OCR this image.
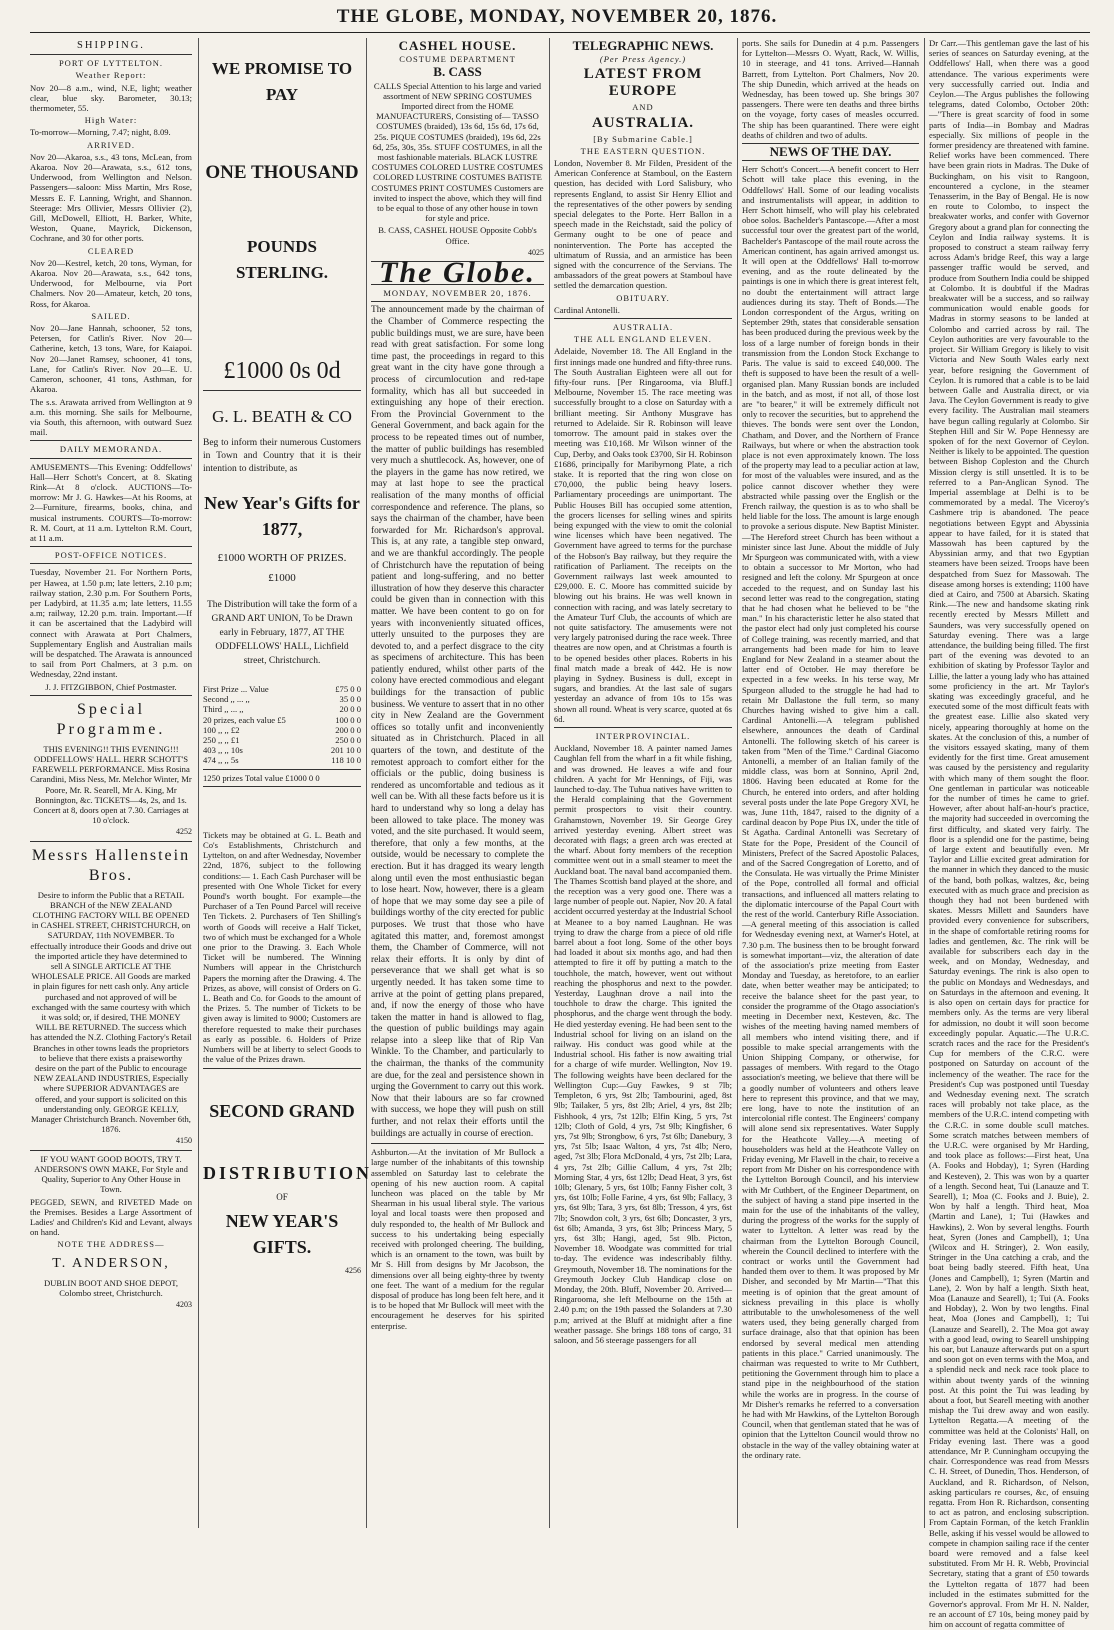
THE GLOBE, MONDAY, NOVEMBER 20, 1876.
SHIPPING.
PORT OF LYTTELTON.
Weather Report:
Nov 20—8 a.m., wind, N.E, light; weather clear, blue sky. Barometer, 30.13; thermometer, 55.
High Water:
To-morrow—Morning, 7.47; night, 8.09.
ARRIVED.
Nov 20—Akaroa, s.s., 43 tons, McLean, from Akaroa. Nov 20—Arawata, s.s., 612 tons, Underwood, from Wellington and Nelson. Passengers—saloon: Miss Martin, Mrs Rose, Messrs E. F. Lanning, Wright, and Shannon. Steerage: Mrs Ollivier, Messrs Ollivier (2), Gill, McDowell, Elliott, H. Barker, White, Weston, Quane, Mayrick, Dickenson, Cochrane, and 30 for other ports.
CLEARED
Nov 20—Kestrel, ketch, 20 tons, Wyman, for Akaroa. Nov 20—Arawata, s.s., 642 tons, Underwood, for Melbourne, via Port Chalmers. Nov 20—Amateur, ketch, 20 tons, Ross, for Akaroa.
SAILED.
Nov 20—Jane Hannah, schooner, 52 tons, Petersen, for Catlin's River. Nov 20—Catherine, ketch, 13 tons, Ware, for Kaiapoi. Nov 20—Janet Ramsey, schooner, 41 tons, Lane, for Catlin's River. Nov 20—E. U. Cameron, schooner, 41 tons, Asthman, for Akaroa.
The s.s. Arawata arrived from Wellington at 9 a.m. this morning. She sails for Melbourne, via South, this afternoon, with outward Suez mail.
DAILY MEMORANDA.
AMUSEMENTS—This Evening: Oddfellows' Hall—Herr Schott's Concert, at 8. Skating Rink—At 8 o'clock. AUCTIONS—To-morrow: Mr J. G. Hawkes—At his Rooms, at 2—Furniture, firearms, books, china, and musical instruments. COURTS—To-morrow: R. M. Court, at 11 a.m. Lyttelton R.M. Court, at 11 a.m.
POST-OFFICE NOTICES.
Tuesday, November 21. For Northern Ports, per Hawea, at 1.50 p.m; late letters, 2.10 p.m; railway station, 2.30 p.m. For Southern Ports, per Ladybird, at 11.35 a.m; late letters, 11.55 a.m; railway, 12.20 p.m. train. Important.—If it can be ascertained that the Ladybird will connect with Arawata at Port Chalmers, Supplementary English and Australian mails will be despatched. The Arawata is announced to sail from Port Chalmers, at 3 p.m. on Wednesday, 22nd instant.
J. J. FITZGIBBON, Chief Postmaster.
Special Programme.
THIS EVENING!! THIS EVENING!!! ODDFELLOWS' HALL. HERR SCHOTT'S FAREWELL PERFORMANCE. Miss Rosina Carandini, Miss Ness, Mr. Melchor Winter, Mr Poore, Mr. R. Searell, Mr A. King, Mr Bonnington, &c. TICKETS—4s, 2s, and 1s. Concert at 8, doors open at 7.30. Carriages at 10 o'clock.
4252
Messrs Hallenstein Bros.
Desire to inform the Public that a RETAIL BRANCH of the NEW ZEALAND CLOTHING FACTORY WILL BE OPENED in CASHEL STREET, CHRISTCHURCH, on SATURDAY, 11th NOVEMBER. To effectually introduce their Goods and drive out the imported article they have determined to sell A SINGLE ARTICLE AT THE WHOLESALE PRICE. All Goods are marked in plain figures for nett cash only. Any article purchased and not approved of will be exchanged with the same courtesy with which it was sold; or, if desired, THE MONEY WILL BE RETURNED. The success which has attended the N.Z. Clothing Factory's Retail Branches in other towns leads the proprietors to believe that there exists a praiseworthy desire on the part of the Public to encourage NEW ZEALAND INDUSTRIES, Especially where SUPERIOR ADVANTAGES are offered, and your support is solicited on this understanding only. GEORGE KELLY, Manager Christchurch Branch. November 6th, 1876.
4150
IF YOU WANT GOOD BOOTS, TRY T. ANDERSON'S OWN MAKE, For Style and Quality, Superior to Any Other House in Town.
PEGGED, SEWN, and RIVETED Made on the Premises. Besides a Large Assortment of Ladies' and Children's Kid and Levant, always on hand.
NOTE THE ADDRESS—
T. ANDERSON,
DUBLIN BOOT AND SHOE DEPOT, Colombo street, Christchurch.
4203
WE PROMISE TO PAY
ONE THOUSAND
POUNDS STERLING.
£1000 0s 0d
G. L. BEATH & CO
Beg to inform their numerous Customers in Town and Country that it is their intention to distribute, as
New Year's Gifts for 1877,
£1000 WORTH OF PRIZES. £1000
The Distribution will take the form of a GRAND ART UNION, To be Drawn early in February, 1877, AT THE ODDFELLOWS' HALL, Lichfield street, Christchurch.
First Prize ... Value	£75 0 0
Second ,, ... ,,	35 0 0
Third ,, ... ,,	20 0 0
20 prizes, each value £5	100 0 0
100 ,, ,, £2	200 0 0
250 ,, ,, £1	250 0 0
403 ,, ,, 10s	201 10 0
474 ,, ,, 5s	118 10 0
1250 prizes Total value £1000 0 0
Tickets may be obtained at G. L. Beath and Co's Establishments, Christchurch and Lyttelton, on and after Wednesday, November 22nd, 1876, subject to the following conditions:— 1. Each Cash Purchaser will be presented with One Whole Ticket for every Pound's worth bought. For example—the Purchaser of a Ten Pound Parcel will receive Ten Tickets. 2. Purchasers of Ten Shilling's worth of Goods will receive a Half Ticket, two of which must be exchanged for a Whole one prior to the Drawing. 3. Each Whole Ticket will be numbered. The Winning Numbers will appear in the Christchurch Papers the morning after the Drawing. 4. The Prizes, as above, will consist of Orders on G. L. Beath and Co. for Goods to the amount of the Prizes. 5. The number of Tickets to be given away is limited to 9000; Customers are therefore requested to make their purchases as early as possible. 6. Holders of Prize Numbers will be at liberty to select Goods to the value of the Prizes drawn.
SECOND GRAND
DISTRIBUTION
OF
NEW YEAR'S GIFTS.
4256
CASHEL HOUSE.
COSTUME DEPARTMENT
B. CASS
CALLS Special Attention to his large and varied assortment of NEW SPRING COSTUMES Imported direct from the HOME MANUFACTURERS, Consisting of— TASSO COSTUMES (braided), 13s 6d, 15s 6d, 17s 6d, 25s. PIQUE COSTUMES (braided), 19s 6d, 22s 6d, 25s, 30s, 35s. STUFF COSTUMES, in all the most fashionable materials. BLACK LUSTRE COSTUMES COLORED LUSTRE COSTUMES COLORED LUSTRINE COSTUMES BATISTE COSTUMES PRINT COSTUMES Customers are invited to inspect the above, which they will find to be equal to those of any other house in town for style and price.
B. CASS, CASHEL HOUSE Opposite Cobb's Office.
4025
The Globe.
MONDAY, NOVEMBER 20, 1876.
The announcement made by the chairman of the Chamber of Commerce respecting the public buildings must, we are sure, have been read with great satisfaction. For some long time past, the proceedings in regard to this great want in the city have gone through a process of circumlocution and red-tape formality, which has all but succeeded in extinguishing any hope of their erection. From the Provincial Government to the General Government, and back again for the process to be repeated times out of number, the matter of public buildings has resembled very much a shuttlecock. As, however, one of the players in the game has now retired, we may at last hope to see the practical realisation of the many months of official correspondence and reference. The plans, so says the chairman of the chamber, have been forwarded for Mr. Richardson's approval. This is, at any rate, a tangible step onward, and we are thankful accordingly. The people of Christchurch have the reputation of being patient and long-suffering, and no better illustration of how they deserve this character could be given than in connection with this matter. We have been content to go on for years with inconveniently situated offices, utterly unsuited to the purposes they are devoted to, and a perfect disgrace to the city as specimens of architecture. This has been patiently endured, whilst other parts of the colony have erected commodious and elegant buildings for the transaction of public business. We venture to assert that in no other city in New Zealand are the Government offices so totally unfit and inconveniently situated as in Christchurch. Placed in all quarters of the town, and destitute of the remotest approach to comfort either for the officials or the public, doing business is rendered as uncomfortable and tedious as it well can be. With all these facts before us it is hard to understand why so long a delay has been allowed to take place. The money was voted, and the site purchased. It would seem, therefore, that only a few months, at the outside, would be necessary to complete the erection. But it has dragged its weary length along until even the most enthusiastic began to lose heart. Now, however, there is a gleam of hope that we may some day see a pile of buildings worthy of the city erected for public purposes. We trust that those who have agitated this matter, and, foremost amongst them, the Chamber of Commerce, will not relax their efforts. It is only by dint of perseverance that we shall get what is so urgently needed. It has taken some time to arrive at the point of getting plans prepared, and, if now the energy of those who have taken the matter in hand is allowed to flag, the question of public buildings may again relapse into a sleep like that of Rip Van Winkle. To the Chamber, and particularly to the chairman, the thanks of the community are due, for the zeal and persistence shown in urging the Government to carry out this work. Now that their labours are so far crowned with success, we hope they will push on still further, and not relax their efforts until the buildings are actually in course of erection.
Ashburton.—At the invitation of Mr Bullock a large number of the inhabitants of this township assembled on Saturday last to celebrate the opening of his new auction room. A capital luncheon was placed on the table by Mr Shearman in his usual liberal style. The various loyal and local toasts were then proposed and duly responded to, the health of Mr Bullock and success to his undertaking being especially received with prolonged cheering. The building, which is an ornament to the town, was built by Mr S. Hill from designs by Mr Jacobson, the dimensions over all being eighty-three by twenty one feet. The want of a medium for the regular disposal of produce has long been felt here, and it is to be hoped that Mr Bullock will meet with the encouragement he deserves for his spirited enterprise.
TELEGRAPHIC NEWS.
(Per Press Agency.)
LATEST FROM EUROPE
AND
AUSTRALIA.
[By Submarine Cable.]
THE EASTERN QUESTION.
London, November 8. Mr Filden, President of the American Conference at Stamboul, on the Eastern question, has decided with Lord Salisbury, who represents England, to assist Sir Henry Elliot and the representatives of the other powers by sending special delegates to the Porte. Herr Ballon in a speech made in the Reichstadt, said the policy of Germany ought to be one of peace and nonintervention. The Porte has accepted the ultimatum of Russia, and an armistice has been signed with the concurrence of the Servians. The ambassadors of the great powers at Stamboul have settled the demarcation question.
OBITUARY.
Cardinal Antonelli.
AUSTRALIA.
THE ALL ENGLAND ELEVEN.
Adelaide, November 18. The All England in the first innings made one hundred and fifty-three runs. The South Australian Eighteen were all out for fifty-four runs. [Per Ringarooma, via Bluff.] Melbourne, November 15. The race meeting was successfully brought to a close on Saturday with a brilliant meeting. Sir Anthony Musgrave has returned to Adelaide. Sir R. Robinson will leave tomorrow. The amount paid in stakes over the meeting was £10,168. Mr Wilson winner of the Cup, Derby, and Oaks took £3700, Sir H. Robinson £1686, principally for Maribyrnong Plate, a rich stake. It is reported that the ring won close on £70,000, the public being heavy losers. Parliamentary proceedings are unimportant. The Public Houses Bill has occupied some attention, the grocers licenses for selling wines and spirits being expunged with the view to omit the colonial wine licenses which have been negatived. The Government have agreed to terms for the purchase of the Hobson's Bay railway, but they require the ratification of Parliament. The receipts on the Government railways last week amounted to £29,000. E. C. Moore has committed suicide by blowing out his brains. He was well known in connection with racing, and was lately secretary to the Amateur Turf Club, the accounts of which are not quite satisfactory. The amusements were not very largely patronised during the race week. Three theatres are now open, and at Christmas a fourth is to be opened besides other places. Roberts in his final match made a break of 442. He is now playing in Sydney. Business is dull, except in sugars, and brandies. At the last sale of sugars yesterday an advance of from 10s to 15s was shown all round. Wheat is very scarce, quoted at 6s 6d.
INTERPROVINCIAL.
Auckland, November 18. A painter named James Caughlan fell from the wharf in a fit while fishing, and was drowned. He leaves a wife and four children. A yacht for Mr Hennings, of Fiji, was launched to-day. The Tuhua natives have written to the Herald complaining that the Government permit prospectors to visit their country. Grahamstown, November 19. Sir George Grey arrived yesterday evening. Albert street was decorated with flags; a green arch was erected at the wharf. About forty members of the reception committee went out in a small steamer to meet the Auckland boat. The naval band accompanied them. The Thames Scottish band played at the shore, and the reception was a very good one. There was a large number of people out. Napier, Nov 20. A fatal accident occurred yesterday at the Industrial School at Meanee to a boy named Laughnan. He was trying to draw the charge from a piece of old rifle barrel about a foot long. Some of the other boys had loaded it about six months ago, and had then attempted to fire it off by putting a match to the touchhole, the match, however, went out without reaching the phosphorus and next to the powder. Yesterday, Laughnan drove a nail into the touchhole to draw the charge. This ignited the phosphorus, and the charge went through the body. He died yesterday evening. He had been sent to the Industrial school for living on an island on the railway. His conduct was good while at the Industrial school. His father is now awaiting trial for a charge of wife murder. Wellington, Nov 19. The following weights have been declared for the Wellington Cup:—Guy Fawkes, 9 st 7lb; Templeton, 6 yrs, 9st 2lb; Tambourini, aged, 8st 9lb; Tailaker, 5 yrs, 8st 2lb; Ariel, 4 yrs, 8st 2lb; Fishhook, 4 yrs, 7st 12lb; Elfin King, 5 yrs, 7st 12lb; Cloth of Gold, 4 yrs, 7st 9lb; Kingfisher, 6 yrs, 7st 9lb; Strongbow, 6 yrs, 7st 6lb; Danebury, 3 yrs, 7st 5lb; Isaac Walton, 4 yrs, 7st 4lb; Nero, aged, 7st 3lb; Flora McDonald, 4 yrs, 7st 2lb; Lara, 4 yrs, 7st 2lb; Gillie Callum, 4 yrs, 7st 2lb; Morning Star, 4 yrs, 6st 12lb; Dead Heat, 3 yrs, 6st 10lb; Glenary, 5 yrs, 6st 10lb; Fanny Fisher colt, 3 yrs, 6st 10lb; Folle Farine, 4 yrs, 6st 9lb; Fallacy, 3 yrs, 6st 9lb; Tara, 3 yrs, 6st 8lb; Tresson, 4 yrs, 6st 7lb; Snowdon colt, 3 yrs, 6st 6lb; Doncaster, 3 yrs, 6st 6lb; Amanda, 3 yrs, 6st 3lb; Princess Mary, 5 yrs, 6st 3lb; Hangi, aged, 5st 9lb. Picton, November 18. Woodgate was committed for trial to-day. The evidence was indescribably filthy. Greymouth, November 18. The nominations for the Greymouth Jockey Club Handicap close on Monday, the 20th. Bluff, November 20. Arrived—Ringarooma, she left Melbourne on the 15th at 2.40 p.m; on the 19th passed the Solanders at 7.30 p.m; arrived at the Bluff at midnight after a fine weather passage. She brings 188 tons of cargo, 31 saloon, and 56 steerage passengers for all
ports. She sails for Dunedin at 4 p.m. Passengers for Lyttelton—Messrs O. Wyatt, Rack, W. Willis, 10 in steerage, and 41 tons. Arrived—Hannah Barrett, from Lyttelton. Port Chalmers, Nov 20. The ship Dunedin, which arrived at the heads on Wednesday, has been towed up. She brings 307 passengers. There were ten deaths and three births on the voyage, forty cases of measles occurred. The ship has been quarantined. There were eight deaths of children and two of adults.
NEWS OF THE DAY.
Herr Schott's Concert.—A benefit concert to Herr Schott will take place this evening, in the Oddfellows' Hall. Some of our leading vocalists and instrumentalists will appear, in addition to Herr Schott himself, who will play his celebrated oboe solos. Bachelder's Pantascope.—After a most successful tour over the greatest part of the world, Bachelder's Pantascope of the mail route across the American continent, has again arrived amongst us. It will open at the Oddfellows' Hall to-morrow evening, and as the route delineated by the paintings is one in which there is great interest felt, no doubt the entertainment will attract large audiences during its stay. Theft of Bonds.—The London correspondent of the Argus, writing on September 29th, states that considerable sensation has been produced during the previous week by the loss of a large number of foreign bonds in their transmission from the London Stock Exchange to Paris. The value is said to exceed £40,000. The theft is supposed to have been the result of a well-organised plan. Many Russian bonds are included in the batch, and as most, if not all, of those lost are "to bearer," it will be extremely difficult not only to recover the securities, but to apprehend the thieves. The bonds were sent over the London, Chatham, and Dover, and the Northern of France Railways, but where or when the abstraction took place is not even approximately known. The loss of the property may lead to a peculiar action at law, for most of the valuables were insured, and as the police cannot discover whether they were abstracted while passing over the English or the French railway, the question is as to who shall be held liable for the loss. The amount is large enough to provoke a serious dispute. New Baptist Minister.—The Hereford street Church has been without a minister since last June. About the middle of July Mr Spurgeon was communicated with, with a view to obtain a successor to Mr Morton, who had resigned and left the colony. Mr Spurgeon at once acceded to the request, and on Sunday last his second letter was read to the congregation, stating that he had chosen what he believed to be "the man." In his characteristic letter he also stated that the pastor elect had only just completed his course of College training, was recently married, and that arrangements had been made for him to leave England for New Zealand in a steamer about the latter end of October. He may therefore be expected in a few weeks. In his terse way, Mr Spurgeon alluded to the struggle he had had to retain Mr Dallastone the full term, so many Churches having wished to give him a call. Cardinal Antonelli.—A telegram published elsewhere, announces the death of Cardinal Antonelli. The following sketch of his career is taken from "Men of the Time." Cardinal Giacomo Antonelli, a member of an Italian family of the middle class, was born at Sonnino, April 2nd, 1806. Having been educated at Rome for the Church, he entered into orders, and after holding several posts under the late Pope Gregory XVI, he was, June 11th, 1847, raised to the dignity of a cardinal deacon by Pope Pius IX, under the title of St Agatha. Cardinal Antonelli was Secretary of State for the Pope, President of the Council of Ministers, Prefect of the Sacred Apostolic Palaces, and of the Sacred Congregation of Loretto, and of the Consulata. He was virtually the Prime Minister of the Pope, controlled all formal and official transactions, and influenced all matters relating to the diplomatic intercourse of the Papal Court with the rest of the world. Canterbury Rifle Association.—A general meeting of this association is called for Wednesday evening next, at Warner's Hotel, at 7.30 p.m. The business then to be brought forward is somewhat important—viz, the alteration of date of the association's prize meeting from Easter Monday and Tuesday, as heretofore, to an earlier date, when better weather may be anticipated; to receive the balance sheet for the past year, to consider the programme of the Otago association's meeting in December next, Kesteven, &c. The wishes of the meeting having named members of all members who intend visiting there, and if possible to make special arrangements with the Union Shipping Company, or otherwise, for passages of members. With regard to the Otago association's meeting, we believe that there will be a goodly number of volunteers and others leave here to represent this province, and that we may, ere long, have to note the institution of an intercolonial rifle contest. The Engineers' company will alone send six representatives. Water Supply for the Heathcote Valley.—A meeting of householders was held at the Heathcote Valley on Friday evening, Mr Flavell in the chair, to receive a report from Mr Disher on his correspondence with the Lyttelton Borough Council, and his interview with Mr Cuthbert, of the Engineer Department, on the subject of having a stand pipe inserted in the main for the use of the inhabitants of the valley, during the progress of the works for the supply of water to Lyttelton. A letter was read by the chairman from the Lyttelton Borough Council, wherein the Council declined to interfere with the contract or works until the Government had handed them over to them. It was proposed by Mr Disher, and seconded by Mr Martin—"That this meeting is of opinion that the great amount of sickness prevailing in this place is wholly attributable to the unwholesomeness of the well waters used, they being generally charged from surface drainage, also that that opinion has been endorsed by several medical men attending patients in this place." Carried unanimously. The chairman was requested to write to Mr Cuthbert, petitioning the Government through him to place a stand pipe in the neighbourhood of the station while the works are in progress. In the course of Mr Disher's remarks he referred to a conversation he had with Mr Hawkins, of the Lyttelton Borough Council, when that gentleman stated that he was of opinion that the Lyttelton Council would throw no obstacle in the way of the valley obtaining water at the ordinary rate.
Dr Carr.—This gentleman gave the last of his series of seances on Saturday evening, at the Oddfellows' Hall, when there was a good attendance. The various experiments were very successfully carried out. India and Ceylon.—The Argus publishes the following telegrams, dated Colombo, October 20th:—"There is great scarcity of food in some parts of India—in Bombay and Madras especially. Six millions of people in the former presidency are threatened with famine. Relief works have been commenced. There have been grain riots in Madras. The Duke of Buckingham, on his visit to Rangoon, encountered a cyclone, in the steamer Tenasserim, in the Bay of Bengal. He is now en route to Colombo, to inspect the breakwater works, and confer with Governor Gregory about a grand plan for connecting the Ceylon and India railway systems. It is proposed to construct a steam railway ferry across Adam's bridge Reef, this way a large passenger traffic would be served, and produce from Southern India could be shipped at Colombo. It is doubtful if the Madras breakwater will be a success, and so railway communication would enable goods for Madras in stormy seasons to be landed at Colombo and carried across by rail. The Ceylon authorities are very favourable to the project. Sir William Gregory is likely to visit Victoria and New South Wales early next year, before resigning the Government of Ceylon. It is rumored that a cable is to be laid between Galle and Australia direct, or via Java. The Ceylon Government is ready to give every facility. The Australian mail steamers have begun calling regularly at Colombo. Sir Stephen Hill and Sir W. Pope Hennessy are spoken of for the next Governor of Ceylon. Neither is likely to be appointed. The question between Bishop Copleston and the Church Mission clergy is still unsettled. It is to be referred to a Pan-Anglican Synod. The Imperial assemblage at Delhi is to be commemorated by a medal. The Viceroy's Cashmere trip is abandoned. The peace negotiations between Egypt and Abyssinia appear to have failed, for it is stated that Massowah has been captured by the Abyssinian army, and that two Egyptian steamers have been seized. Troops have been despatched from Suez for Massowah. The disease among horses is extending; 1100 have died at Cairo, and 7500 at Abarsich. Skating Rink.—The new and handsome skating rink recently erected by Messrs Millett and Saunders, was very successfully opened on Saturday evening. There was a large attendance, the building being filled. The first part of the evening was devoted to an exhibition of skating by Professor Taylor and Lillie, the latter a young lady who has attained some proficiency in the art. Mr Taylor's skating was exceedingly graceful, and he executed some of the most difficult feats with the greatest ease. Lillie also skated very nicely, appearing thoroughly at home on the skates. At the conclusion of this, a number of the visitors essayed skating, many of them evidently for the first time. Great amusement was caused by the persistency and regularity with which many of them sought the floor. One gentleman in particular was noticeable for the number of times he came to grief. However, after about half-an-hour's practice, the majority had succeeded in overcoming the first difficulty, and skated very fairly. The floor is a splendid one for the pastime, being of large extent and beautifully even. Mr Taylor and Lillie excited great admiration for the manner in which they danced to the music of the band, both polkas, waltzes, &c, being executed with as much grace and precision as though they had not been burdened with skates. Messrs Millett and Saunders have provided every convenience for subscribers, in the shape of comfortable retiring rooms for ladies and gentlemen, &c. The rink will be available for subscribers each day in the week, and on Monday, Wednesday, and Saturday evenings. The rink is also open to the public on Mondays and Wednesdays, and on Saturdays in the afternoon and evening. It is also open on certain days for practice for members only. As the terms are very liberal for admission, no doubt it will soon become exceedingly popular. Aquatic.—The U.R.C. scratch races and the race for the President's Cup for members of the C.R.C. were postponed on Saturday on account of the inclemency of the weather. The race for the President's Cup was postponed until Tuesday and Wednesday evening next. The scratch races will probably not take place, as the members of the U.R.C. intend competing with the C.R.C. in some double scull matches. Some scratch matches between members of the U.R.C. were organised by Mr Harding, and took place as follows:—First heat, Una (A. Fooks and Hobday), 1; Syren (Harding and Kesteven), 2. This was won by a quarter of a length. Second heat, Tui (Lanauze and T. Searell), 1; Moa (C. Fooks and J. Buie), 2. Won by half a length. Third heat, Moa (Martin and Lane), 1; Tui (Hawkes and Hawkins), 2. Won by several lengths. Fourth heat, Syren (Jones and Campbell), 1; Una (Wilcox and H. Stringer), 2. Won easily, Stringer in the Una catching a crab, and the boat being badly steered. Fifth heat, Una (Jones and Campbell), 1; Syren (Martin and Lane), 2. Won by half a length. Sixth heat, Moa (Lanauze and Searell), 1; Tui (A. Fooks and Hobday), 2. Won by two lengths. Final heat, Moa (Jones and Campbell), 1; Tui (Lanauze and Searell), 2. The Moa got away with a good lead, owing to Searell unshipping his oar, but Lanauze afterwards put on a spurt and soon got on even terms with the Moa, and a splendid neck and neck race took place to within about twenty yards of the winning post. At this point the Tui was leading by about a foot, but Searell meeting with another mishap the Tui drew away and won easily. Lyttelton Regatta.—A meeting of the committee was held at the Colonists' Hall, on Friday evening last. There was a good attendance, Mr P. Cunningham occupying the chair. Correspondence was read from Messrs C. H. Street, of Dunedin, Thos. Henderson, of Auckland, and R. Richardson, of Nelson, asking particulars re courses, &c, of ensuing regatta. From Hon R. Richardson, consenting to act as patron, and enclosing subscription. From Captain Forman, of the ketch Franklin Belle, asking if his vessel would be allowed to compete in champion sailing race if the center board were removed and a false keel substituted. From Mr H. R. Webb, Provincial Secretary, stating that a grant of £50 towards the Lyttelton regatta of 1877 had been included in the estimates submitted for the Governor's approval. From Mr H. N. Nalder, re an account of £7 10s, being money paid by him on account of regatta committee of
